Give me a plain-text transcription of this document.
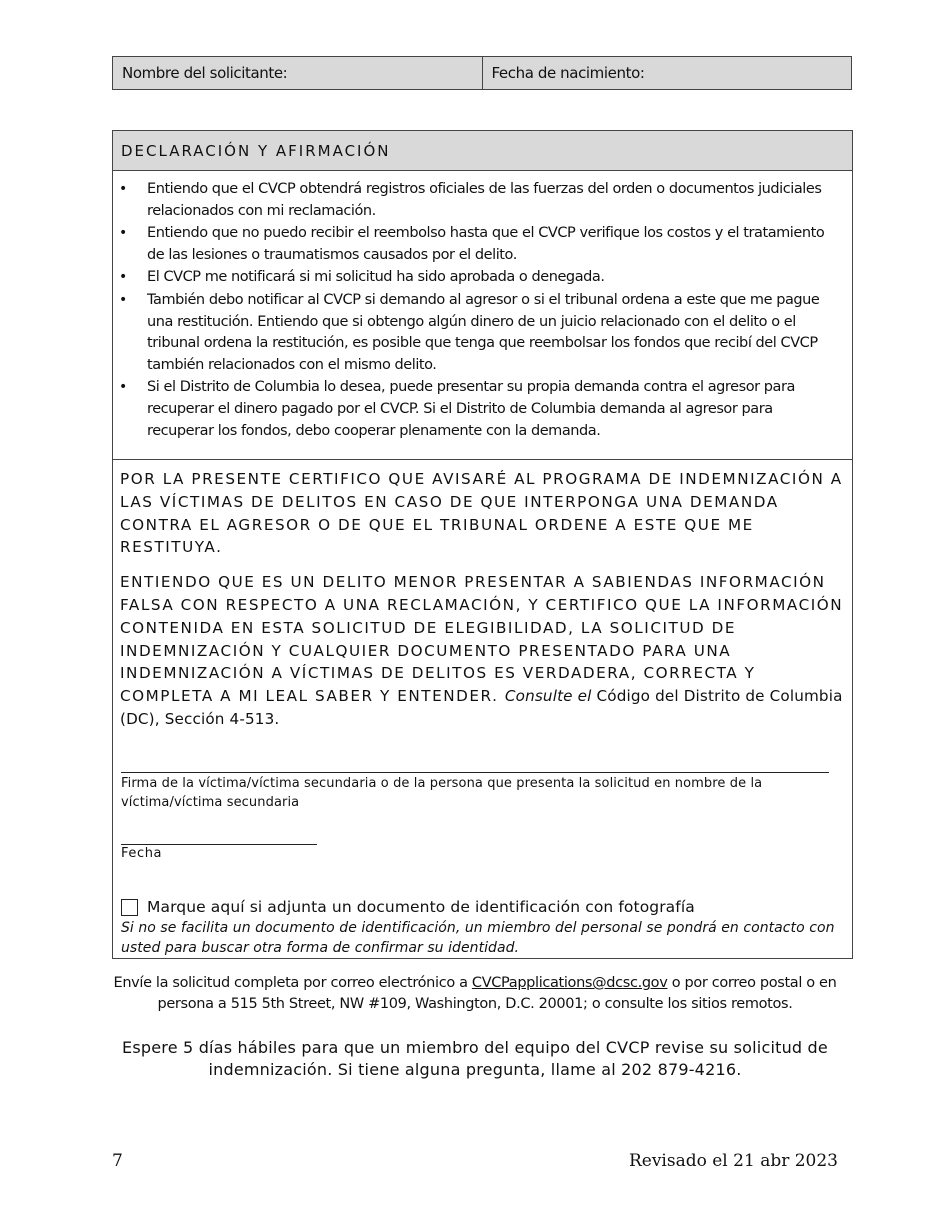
Nombre del solicitante:	Fecha de nacimiento:
DECLARACIÓN Y AFIRMACIÓN
• Entiendo que el CVCP obtendrá registros oficiales de las fuerzas del orden o documentos judiciales relacionados con mi reclamación.
• Entiendo que no puedo recibir el reembolso hasta que el CVCP verifique los costos y el tratamiento de las lesiones o traumatismos causados por el delito.
• El CVCP me notificará si mi solicitud ha sido aprobada o denegada.
• También debo notificar al CVCP si demando al agresor o si el tribunal ordena a este que me pague una restitución. Entiendo que si obtengo algún dinero de un juicio relacionado con el delito o el tribunal ordena la restitución, es posible que tenga que reembolsar los fondos que recibí del CVCP también relacionados con el mismo delito.
• Si el Distrito de Columbia lo desea, puede presentar su propia demanda contra el agresor para recuperar el dinero pagado por el CVCP. Si el Distrito de Columbia demanda al agresor para recuperar los fondos, debo cooperar plenamente con la demanda.

POR LA PRESENTE CERTIFICO QUE AVISARÉ AL PROGRAMA DE INDEMNIZACIÓN A LAS VÍCTIMAS DE DELITOS EN CASO DE QUE INTERPONGA UNA DEMANDA CONTRA EL AGRESOR O DE QUE EL TRIBUNAL ORDENE A ESTE QUE ME RESTITUYA.

ENTIENDO QUE ES UN DELITO MENOR PRESENTAR A SABIENDAS INFORMACIÓN FALSA CON RESPECTO A UNA RECLAMACIÓN, Y CERTIFICO QUE LA INFORMACIÓN CONTENIDA EN ESTA SOLICITUD DE ELEGIBILIDAD, LA SOLICITUD DE INDEMNIZACIÓN Y CUALQUIER DOCUMENTO PRESENTADO PARA UNA INDEMNIZACIÓN A VÍCTIMAS DE DELITOS ES VERDADERA, CORRECTA Y COMPLETA A MI LEAL SABER Y ENTENDER. Consulte el Código del Distrito de Columbia (DC), Sección 4-513.

Firma de la víctima/víctima secundaria o de la persona que presenta la solicitud en nombre de la víctima/víctima secundaria
Fecha
Marque aquí si adjunta un documento de identificación con fotografía
Si no se facilita un documento de identificación, un miembro del personal se pondrá en contacto con usted para buscar otra forma de confirmar su identidad.
Envíe la solicitud completa por correo electrónico a CVCPapplications@dcsc.gov o por correo postal o en persona a 515 5th Street, NW #109, Washington, D.C. 20001; o consulte los sitios remotos.
Espere 5 días hábiles para que un miembro del equipo del CVCP revise su solicitud de indemnización. Si tiene alguna pregunta, llame al 202 879-4216.
7	Revisado el 21 abr 2023
